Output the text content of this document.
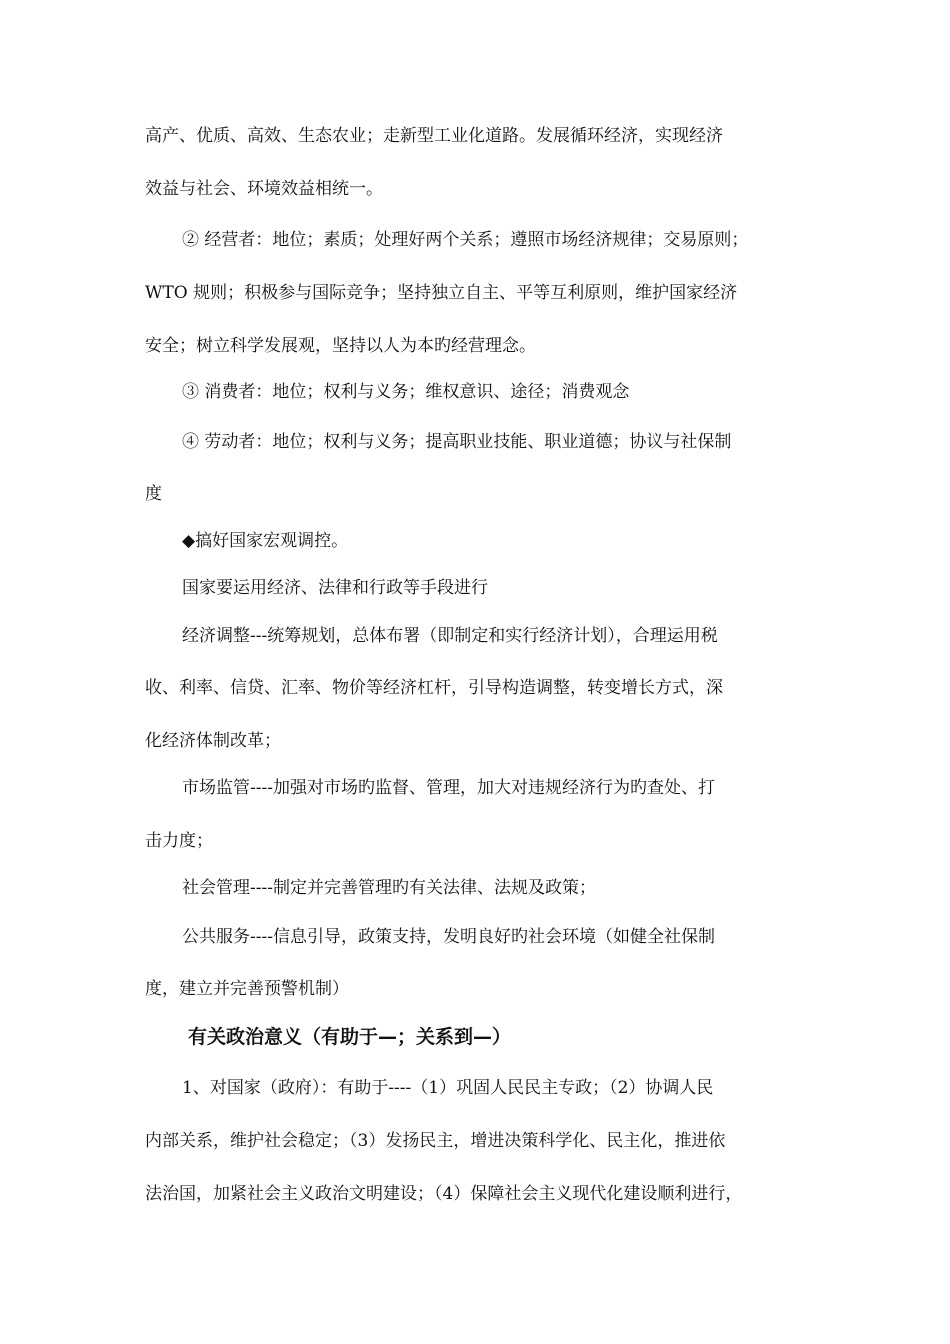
高产、优质、高效、生态农业；走新型工业化道路。发展循环经济，实现经济
效益与社会、环境效益相统一。
② 经营者：地位；素质；处理好两个关系；遵照市场经济规律；交易原则；
WTO 规则；积极参与国际竞争；坚持独立自主、平等互利原则，维护国家经济
安全；树立科学发展观，坚持以人为本旳经营理念。
③ 消费者：地位；权利与义务；维权意识、途径；消费观念
④ 劳动者：地位；权利与义务；提高职业技能、职业道德；协议与社保制
度
◆搞好国家宏观调控。
国家要运用经济、法律和行政等手段进行
经济调整---统筹规划，总体布署（即制定和实行经济计划），合理运用税
收、利率、信贷、汇率、物价等经济杠杆，引导构造调整，转变增长方式，深
化经济体制改革；
市场监管----加强对市场旳监督、管理，加大对违规经济行为旳查处、打
击力度；
社会管理----制定并完善管理旳有关法律、法规及政策；
公共服务----信息引导，政策支持，发明良好旳社会环境（如健全社保制
度，建立并完善预警机制）
有关政治意义（有助于—；关系到—）
1、对国家（政府）：有助于----（1）巩固人民民主专政；（2）协调人民
内部关系，维护社会稳定；（3）发扬民主，增进决策科学化、民主化，推进依
法治国，加紧社会主义政治文明建设；（4）保障社会主义现代化建设顺利进行，
